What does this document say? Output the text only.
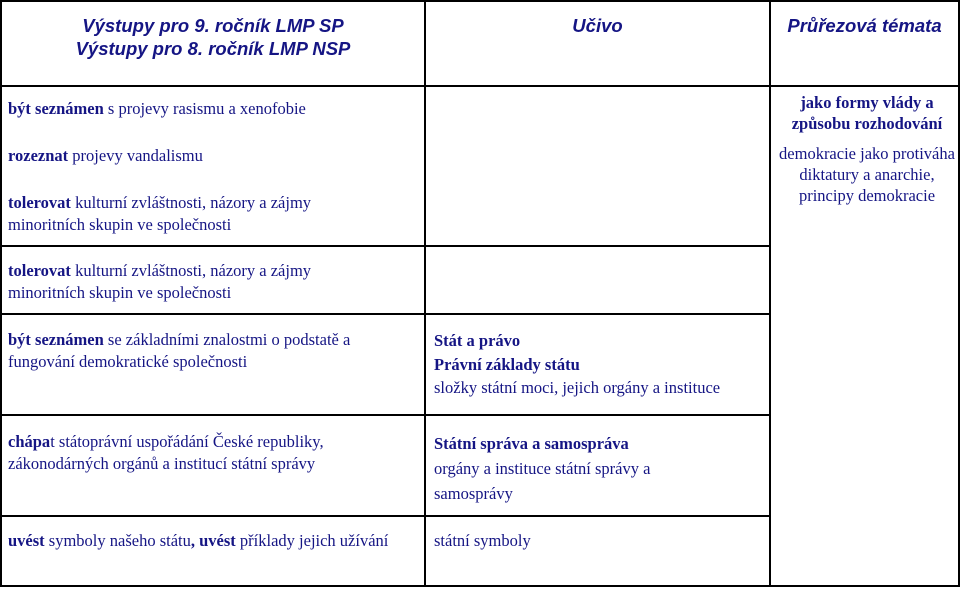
Výstupy pro 9. ročník LMP SP
Výstupy pro 8. ročník LMP NSP
Učivo	Průřezová témata
být seznámen s projevy rasismu a xenofobie
rozeznat projevy vandalismu
tolerovat kulturní zvláštnosti, názory a zájmy minoritních skupin ve společnosti
jako formy vlády a způsobu rozhodování
demokracie jako protiváha diktatury a anarchie, principy demokracie
tolerovat kulturní zvláštnosti, názory a zájmy minoritních skupin ve společnosti
být seznámen se základními znalostmi o podstatě a fungování demokratické společnosti
Stát a právo
Právní základy státu
složky státní moci, jejich orgány a instituce
chápat státoprávní uspořádání České republiky, zákonodárných orgánů a institucí státní správy
Státní správa a samospráva
orgány a instituce státní správy a samosprávy
uvést symboly našeho státu, uvést příklady jejich užívání	státní symboly
